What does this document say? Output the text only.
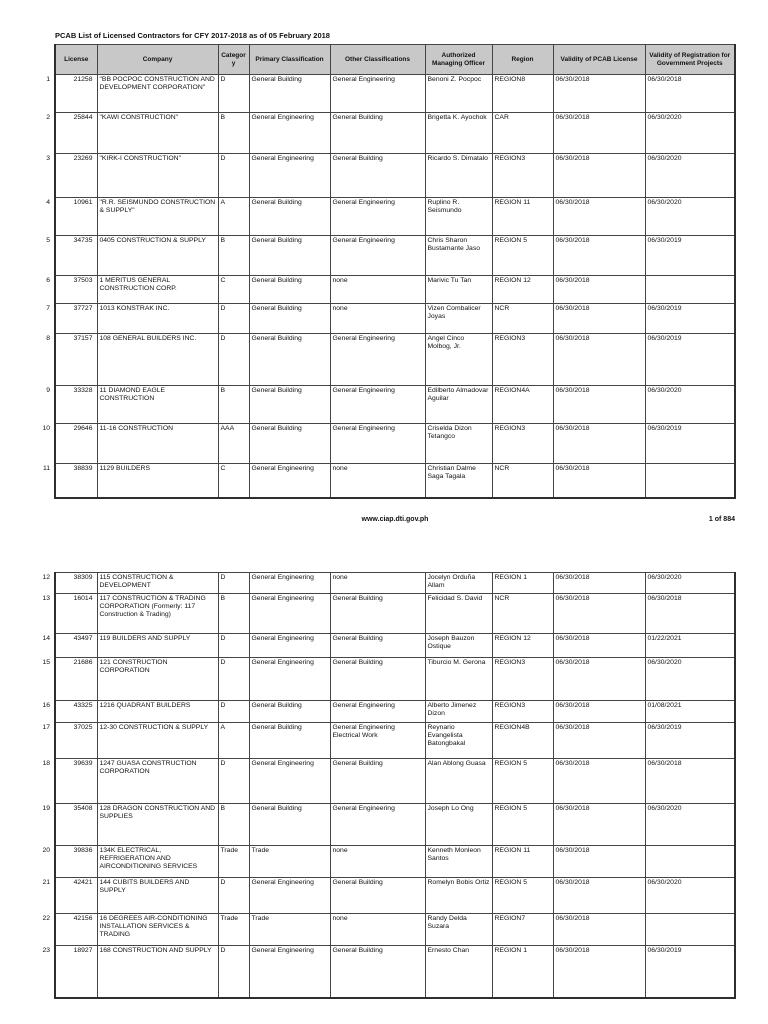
PCAB List of Licensed Contractors for CFY 2017-2018 as of 05 February 2018
	License	Company	Category	Primary Classification	Other Classifications	Authorized Managing Officer	Region	Validity of PCAB License	Validity of Registration for Government Projects
1	21258	"BB POCPOC CONSTRUCTION AND DEVELOPMENT CORPORATION"	D	General Building	General Engineering	Benoni Z. Pocpoc	REGION8	06/30/2018	06/30/2018
2	25844	"KAWI CONSTRUCTION"	B	General Engineering	General Building	Brigetta K. Ayochok	CAR	06/30/2018	06/30/2020
3	23269	"KIRK-I CONSTRUCTION"	D	General Engineering	General Building	Ricardo S. Dimatalo	REGION3	06/30/2018	06/30/2020
4	10961	"R.R. SEISMUNDO CONSTRUCTION & SUPPLY"	A	General Building	General Engineering	Ruplino R. Seismundo	REGION 11	06/30/2018	06/30/2020
5	34735	0405 CONSTRUCTION & SUPPLY	B	General Building	General Engineering	Chris Sharon Bustamante Jaso	REGION 5	06/30/2018	06/30/2019
6	37503	1 MERITUS GENERAL CONSTRUCTION CORP.	C	General Building	none	Marivic Tu Tan	REGION 12	06/30/2018	
7	37727	1013 KONSTRAK INC.	D	General Building	none	Vizen Combalicer Joyas	NCR	06/30/2018	06/30/2019
8	37157	108 GENERAL BUILDERS INC.	D	General Building	General Engineering	Angel Cinco Molbog, Jr.	REGION3	06/30/2018	06/30/2019
9	33328	11 DIAMOND EAGLE CONSTRUCTION	B	General Building	General Engineering	Edilberto Almadovar Aguilar	REGION4A	06/30/2018	06/30/2020
10	29646	11-16 CONSTRUCTION	AAA	General Building	General Engineering	Criselda Dizon Tetangco	REGION3	06/30/2018	06/30/2019
11	38839	1129 BUILDERS	C	General Engineering	none	Christian Dalme Saga Tagala	NCR	06/30/2018	
www.ciap.dti.gov.ph	1 of 884
12	38309	115 CONSTRUCTION & DEVELOPMENT	D	General Engineering	none	Jocelyn Orduña Allam	REGION 1	06/30/2018	06/30/2020
13	16014	117 CONSTRUCTION & TRADING CORPORATION (Formerly: 117 Construction & Trading)	B	General Engineering	General Building	Felicidad S. David	NCR	06/30/2018	06/30/2018
14	43497	119 BUILDERS AND SUPPLY	D	General Engineering	General Building	Joseph Bauzon Ostique	REGION 12	06/30/2018	01/22/2021
15	21686	121 CONSTRUCTION CORPORATION	D	General Engineering	General Building	Tiburcio M. Gerona	REGION3	06/30/2018	06/30/2020
16	43325	1216 QUADRANT BUILDERS	D	General Building	General Engineering	Alberto Jimenez Dizon	REGION3	06/30/2018	01/08/2021
17	37025	12-30 CONSTRUCTION & SUPPLY	A	General Building	General Engineering Electrical Work	Reynario Evangelista Batongbakal	REGION4B	06/30/2018	06/30/2019
18	39639	1247 GUASA CONSTRUCTION CORPORATION	D	General Engineering	General Building	Alan Ablong Guasa	REGION 5	06/30/2018	06/30/2018
19	35408	128 DRAGON CONSTRUCTION AND SUPPLIES	B	General Building	General Engineering	Joseph Lo Ong	REGION 5	06/30/2018	06/30/2020
20	39836	134K ELECTRICAL, REFRIGERATION AND AIRCONDITIONING SERVICES	Trade	Trade	none	Kenneth Monleon Santos	REGION 11	06/30/2018	
21	42421	144 CUBITS BUILDERS AND SUPPLY	D	General Engineering	General Building	Romelyn Bobis Ortiz	REGION 5	06/30/2018	06/30/2020
22	42156	16 DEGREES AIR-CONDITIONING INSTALLATION SERVICES & TRADING	Trade	Trade	none	Randy Delda Suzara	REGION7	06/30/2018	
23	18927	168 CONSTRUCTION AND SUPPLY	D	General Engineering	General Building	Ernesto Chan	REGION 1	06/30/2018	06/30/2019
